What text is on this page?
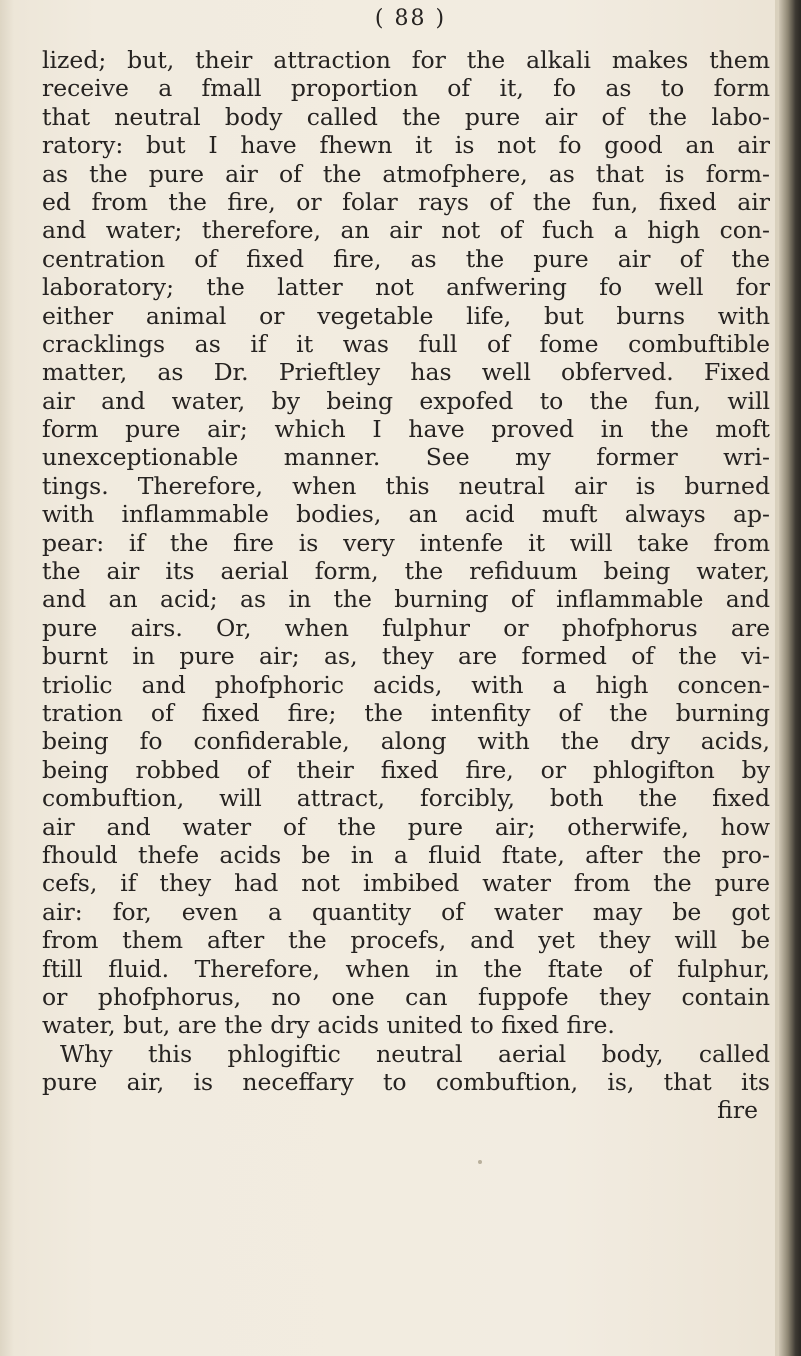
( 88 )
lized; but, their attraction for the alkali makes them
receive a fmall proportion of it, fo as to form
that neutral body called the pure air of the labo-
ratory: but I have fhewn it is not fo good an air
as the pure air of the atmofphere, as that is form-
ed from the fire, or folar rays of the fun, fixed air
and water; therefore, an air not of fuch a high con-
centration of fixed fire, as the pure air of the
laboratory; the latter not anfwering fo well for
either animal or vegetable life, but burns with
cracklings as if it was full of fome combuftible
matter, as Dr. Prieftley has well obferved. Fixed
air and water, by being expofed to the fun, will
form pure air; which I have proved in the moft
unexceptionable manner. See my former wri-
tings. Therefore, when this neutral air is burned
with inflammable bodies, an acid muft always ap-
pear: if the fire is very intenfe it will take from
the air its aerial form, the refiduum being water,
and an acid; as in the burning of inflammable and
pure airs. Or, when fulphur or phofphorus are
burnt in pure air; as, they are formed of the vi-
triolic and phofphoric acids, with a high concen-
tration of fixed fire; the intenfity of the burning
being fo confiderable, along with the dry acids,
being robbed of their fixed fire, or phlogifton by
combuftion, will attract, forcibly, both the fixed
air and water of the pure air; otherwife, how
fhould thefe acids be in a fluid ftate, after the pro-
cefs, if they had not imbibed water from the pure
air: for, even a quantity of water may be got
from them after the procefs, and yet they will be
ftill fluid. Therefore, when in the ftate of fulphur,
or phofphorus, no one can fuppofe they contain
water, but, are the dry acids united to fixed fire.
Why this phlogiftic neutral aerial body, called
pure air, is neceffary to combuftion, is, that its
fire
